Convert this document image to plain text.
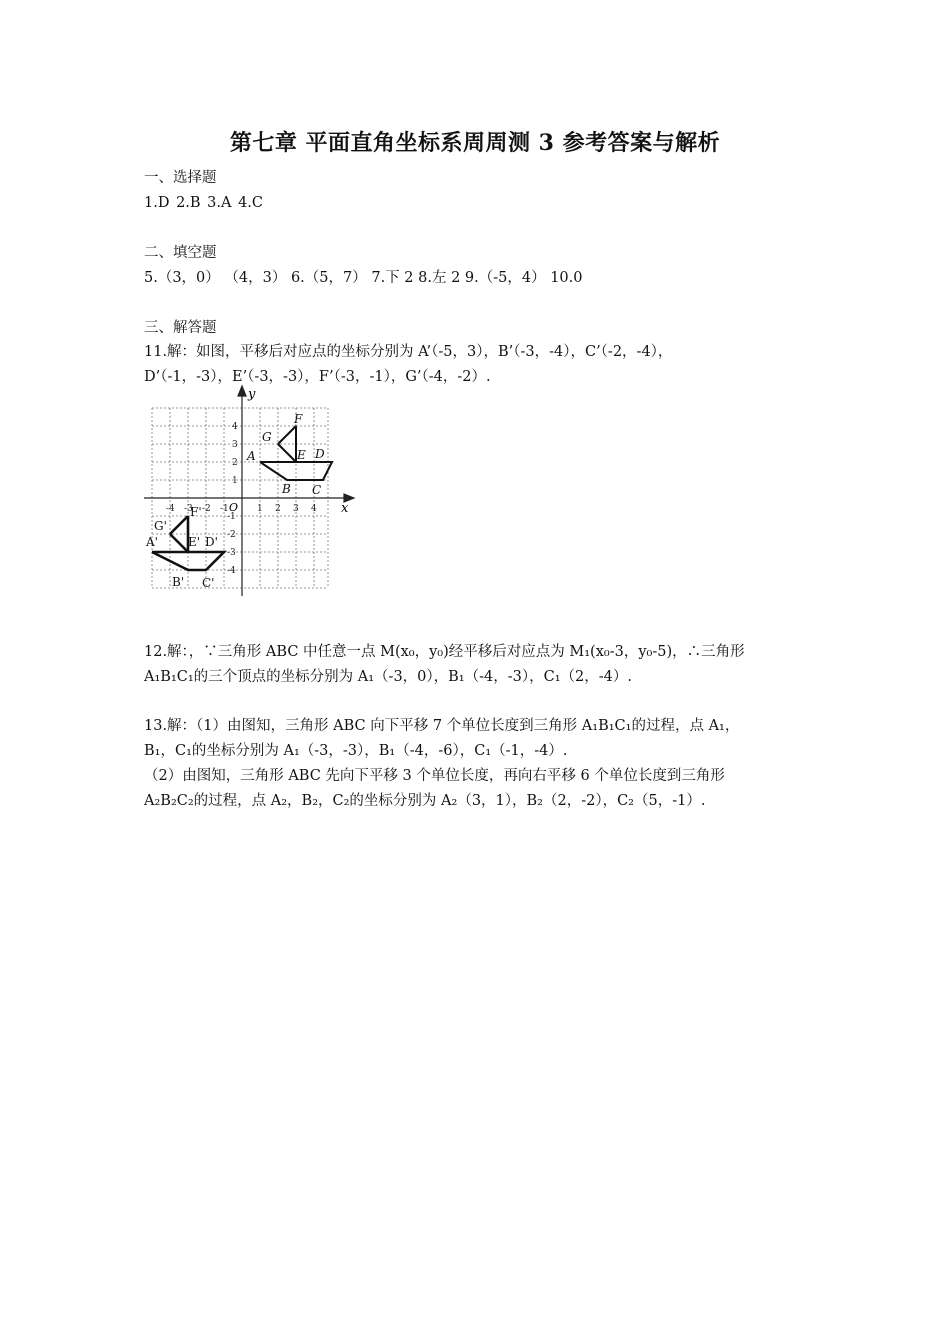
第七章 平面直角坐标系周周测 3 参考答案与解析
一、选择题
1.D 2.B 3.A 4.C
二、填空题
5.（3，0） （4，3） 6.（5，7） 7.下 2 8.左 2 9.（-5，4） 10.0
三、解答题
11.解：如图，平移后对应点的坐标分别为 A’（-5，3），B’（-3，-4），C’（-2，-4），
D’（-1，-3），E’（-3，-3），F’（-3，-1），G’（-4，-2）.
x
y
O
-4 -3 -2 -1	1 2 3 4
4
3
2
1
-1
-2
-3
-4
A
B C
D
E
F
G
A'
B' C'
D'
E'
F'
G'
12.解：，∵三角形 ABC 中任意一点 M(x₀，y₀)经平移后对应点为 M₁(x₀-3，y₀-5)，∴三角形
A₁B₁C₁的三个顶点的坐标分别为 A₁（-3，0），B₁（-4，-3），C₁（2，-4）.
13.解：（1）由图知，三角形 ABC 向下平移 7 个单位长度到三角形 A₁B₁C₁的过程，点 A₁，
B₁，C₁的坐标分别为 A₁（-3，-3），B₁（-4，-6），C₁（-1，-4）.
（2）由图知，三角形 ABC 先向下平移 3 个单位长度，再向右平移 6 个单位长度到三角形
A₂B₂C₂的过程，点 A₂，B₂，C₂的坐标分别为 A₂（3，1），B₂（2，-2），C₂（5，-1）.
